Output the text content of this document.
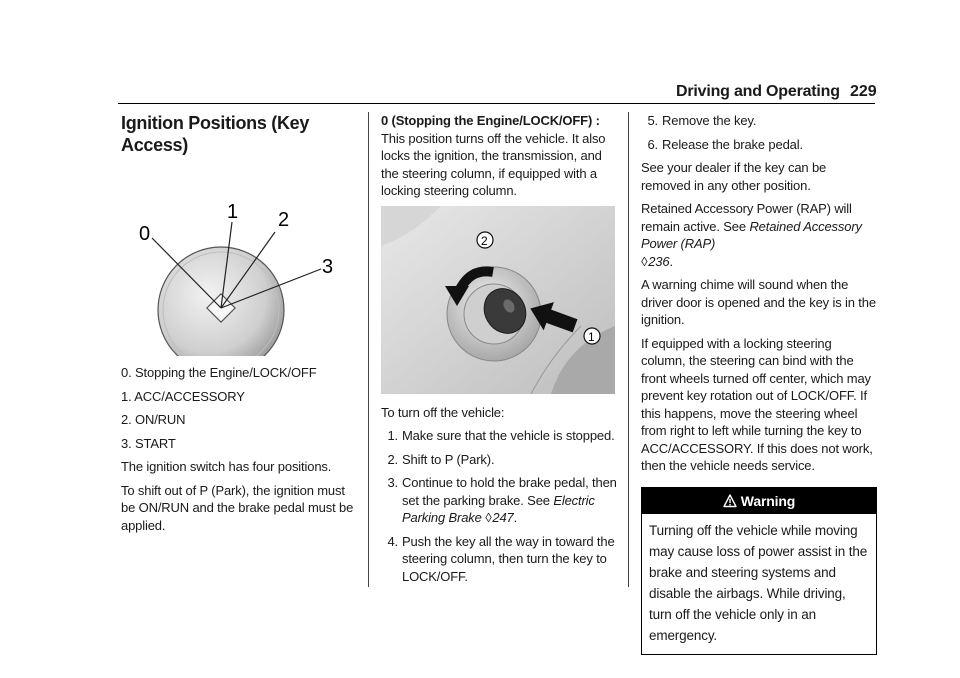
Driving and Operating 229
Ignition Positions (Key Access)
0
1 2
3

0. Stopping the Engine/LOCK/OFF

1. ACC/ACCESSORY

2. ON/RUN

3. START

The ignition switch has four positions.

To shift out of P (Park), the ignition must be ON/RUN and the brake pedal must be applied.

0 (Stopping the Engine/LOCK/OFF) : This position turns off the vehicle. It also locks the ignition, the transmission, and the steering column, if equipped with a locking steering column.

2
1

To turn off the vehicle:

1. Make sure that the vehicle is stopped.
2. Shift to P (Park).
3. Continue to hold the brake pedal, then set the parking brake. See Electric Parking Brake ◊ 247.
4. Push the key all the way in toward the steering column, then turn the key to LOCK/OFF.
5. Remove the key.
6. Release the brake pedal.

See your dealer if the key can be removed in any other position.

Retained Accessory Power (RAP) will remain active. See Retained Accessory Power (RAP)
◊ 236.

A warning chime will sound when the driver door is opened and the key is in the ignition.

If equipped with a locking steering column, the steering can bind with the front wheels turned off center, which may prevent key rotation out of LOCK/OFF. If this happens, move the steering wheel from right to left while turning the key to ACC/ACCESSORY. If this does not work, then the vehicle needs service.

Warning
Turning off the vehicle while moving may cause loss of power assist in the brake and steering systems and disable the airbags. While driving, turn off the vehicle only in an emergency.
